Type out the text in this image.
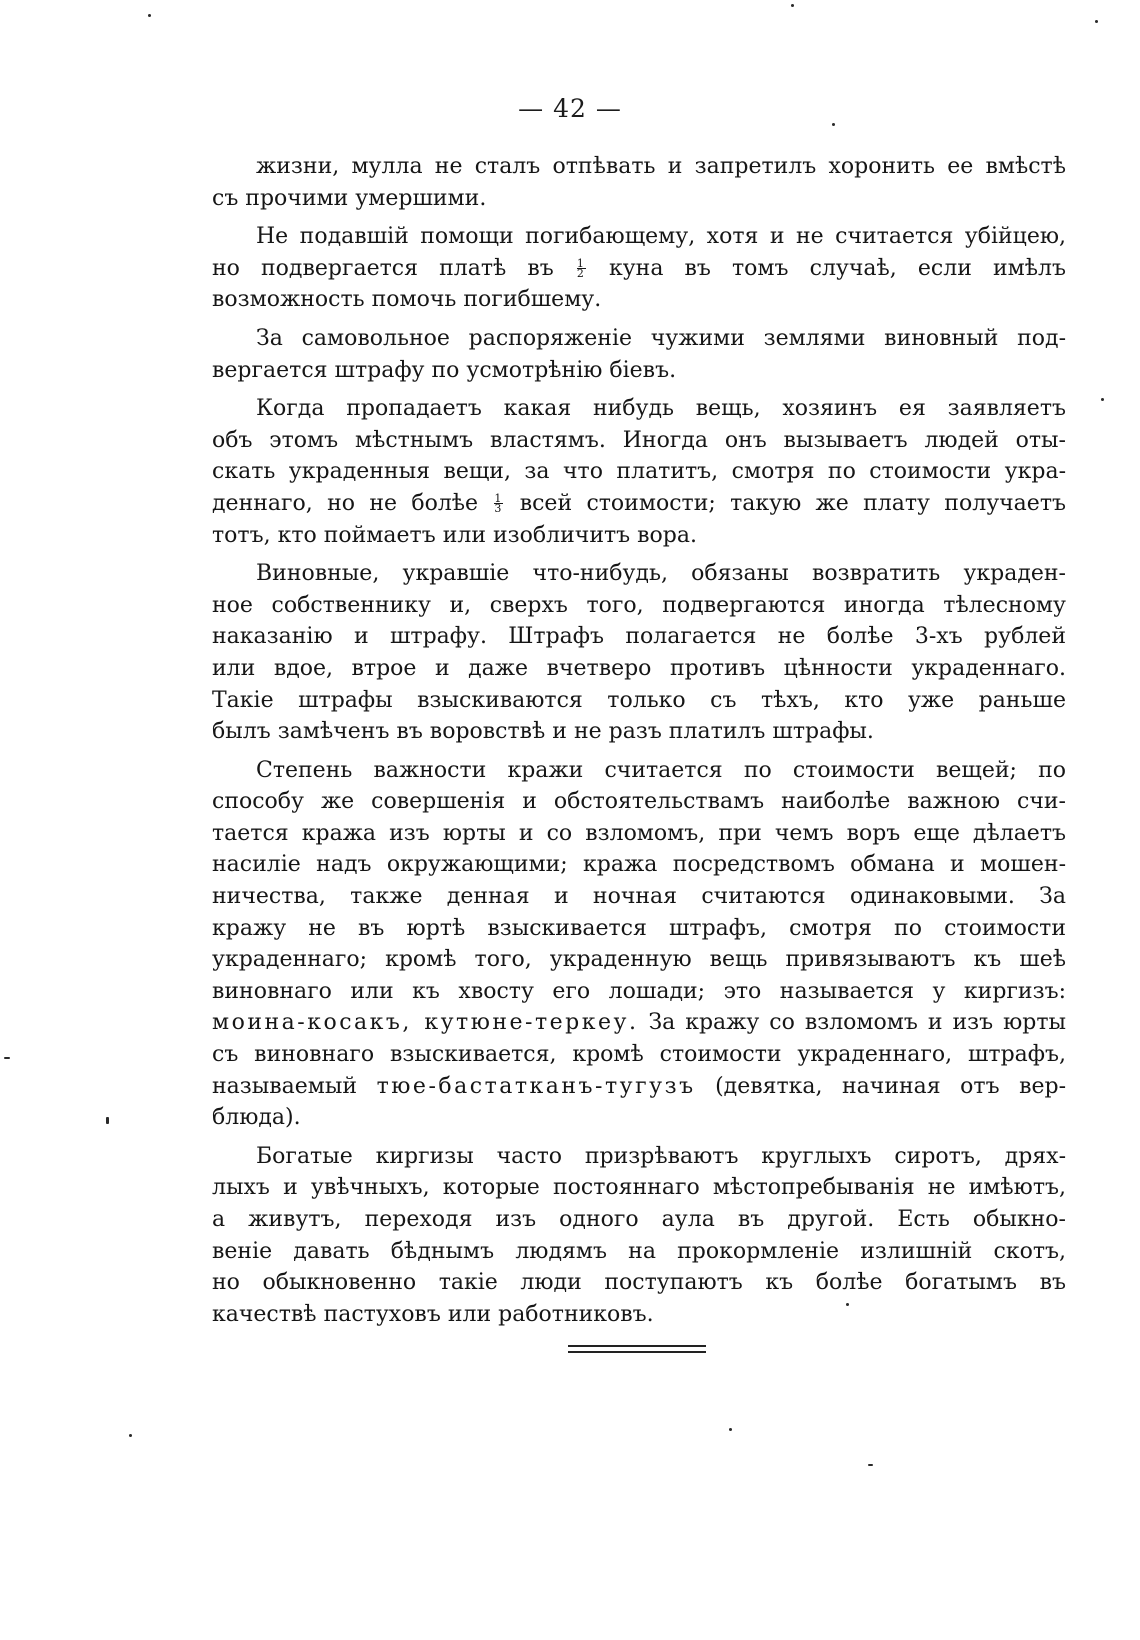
— 42 —
жизни, мулла не сталъ отпѣвать и запретилъ хоронить ее вмѣстѣ
съ прочими умершими.
Не подавшій помощи погибающему, хотя и не считается убійцею,
но подвергается платѣ въ $\frac{1}{2}$ куна въ томъ случаѣ, если имѣлъ
возможность помочь погибшему.
За самовольное распоряженіе чужими землями виновный под-
вергается штрафу по усмотрѣнію біевъ.
Когда пропадаетъ какая нибудь вещь, хозяинъ ея заявляетъ
объ этомъ мѣстнымъ властямъ. Иногда онъ вызываетъ людей оты-
скать украденныя вещи, за что платитъ, смотря по стоимости укра-
деннаго, но не болѣе $\frac{1}{3}$ всей стоимости; такую же плату получаетъ
тотъ, кто поймаетъ или изобличитъ вора.
Виновные, укравшіе что-нибудь, обязаны возвратить украден-
ное собственнику и, сверхъ того, подвергаются иногда тѣлесному
наказанію и штрафу. Штрафъ полагается не болѣе 3-хъ рублей
или вдое, втрое и даже вчетверо противъ цѣнности украденнаго.
Такіе штрафы взыскиваются только съ тѣхъ, кто уже раньше
былъ замѣченъ въ воровствѣ и не разъ платилъ штрафы.
Степень важности кражи считается по стоимости вещей; по
способу же совершенія и обстоятельствамъ наиболѣе важною счи-
тается кража изъ юрты и со взломомъ, при чемъ воръ еще дѣлаетъ
насиліе надъ окружающими; кража посредствомъ обмана и мошен-
ничества, также денная и ночная считаются одинаковыми. За
кражу не въ юртѣ взыскивается штрафъ, смотря по стоимости
украденнаго; кромѣ того, украденную вещь привязываютъ къ шеѣ
виновнаго или къ хвосту его лошади; это называется у киргизъ:
моина-косакъ, кутюне-теркеу. За кражу со взломомъ и изъ юрты
съ виновнаго взыскивается, кромѣ стоимости украденнаго, штрафъ,
называемый тюе-бастатканъ-тугузъ (девятка, начиная отъ вер-
блюда).
Богатые киргизы часто призрѣваютъ круглыхъ сиротъ, дрях-
лыхъ и увѣчныхъ, которые постояннаго мѣстопребыванія не имѣютъ,
а живутъ, переходя изъ одного аула въ другой. Есть обыкно-
веніе давать бѣднымъ людямъ на прокормленіе излишній скотъ,
но обыкновенно такіе люди поступаютъ къ болѣе богатымъ въ
качествѣ пастуховъ или работниковъ.
